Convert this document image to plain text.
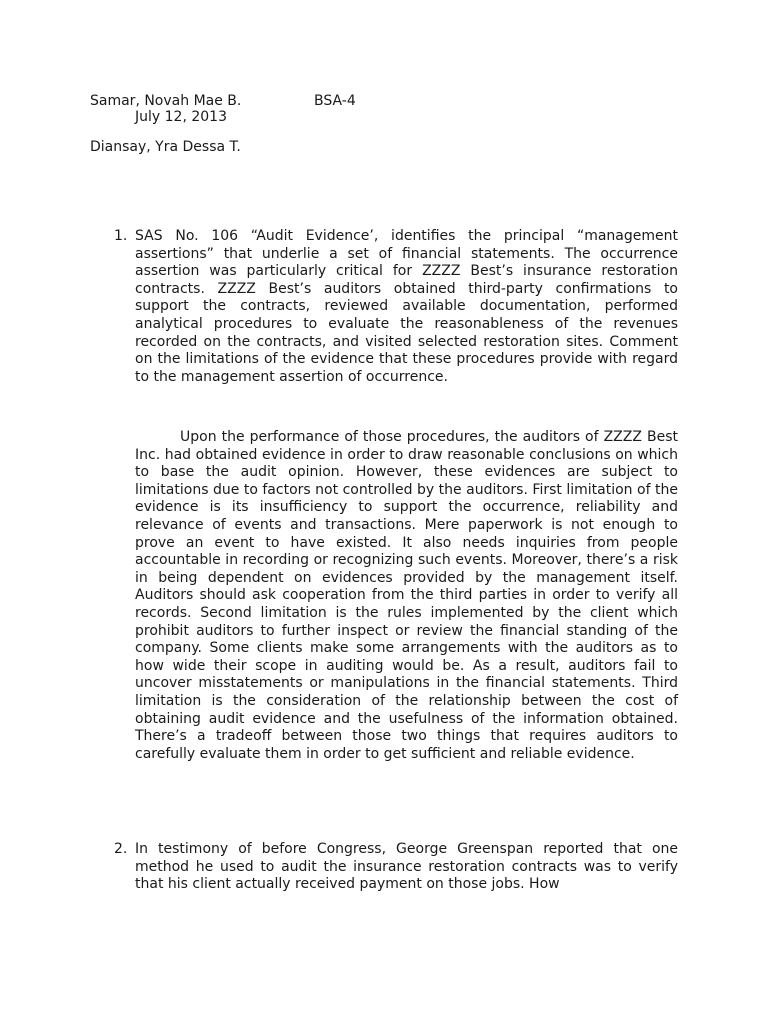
Samar, Novah Mae B.	BSA-4
July 12, 2013
Diansay, Yra Dessa T.
1. SAS No. 106 “Audit Evidence’, identifies the principal “management assertions” that underlie a set of financial statements. The occurrence assertion was particularly critical for ZZZZ Best’s insurance restoration contracts. ZZZZ Best’s auditors obtained third-party confirmations to support the contracts, reviewed available documentation, performed analytical procedures to evaluate the reasonableness of the revenues recorded on the contracts, and visited selected restoration sites. Comment on the limitations of the evidence that these procedures provide with regard to the management assertion of occurrence.
Upon the performance of those procedures, the auditors of ZZZZ Best Inc. had obtained evidence in order to draw reasonable conclusions on which to base the audit opinion. However, these evidences are subject to limitations due to factors not controlled by the auditors. First limitation of the evidence is its insufficiency to support the occurrence, reliability and relevance of events and transactions. Mere paperwork is not enough to prove an event to have existed. It also needs inquiries from people accountable in recording or recognizing such events. Moreover, there’s a risk in being dependent on evidences provided by the management itself. Auditors should ask cooperation from the third parties in order to verify all records. Second limitation is the rules implemented by the client which prohibit auditors to further inspect or review the financial standing of the company. Some clients make some arrangements with the auditors as to how wide their scope in auditing would be. As a result, auditors fail to uncover misstatements or manipulations in the financial statements. Third limitation is the consideration of the relationship between the cost of obtaining audit evidence and the usefulness of the information obtained. There’s a tradeoff between those two things that requires auditors to carefully evaluate them in order to get sufficient and reliable evidence.
2. In testimony of before Congress, George Greenspan reported that one method he used to audit the insurance restoration contracts was to verify that his client actually received payment on those jobs. How
